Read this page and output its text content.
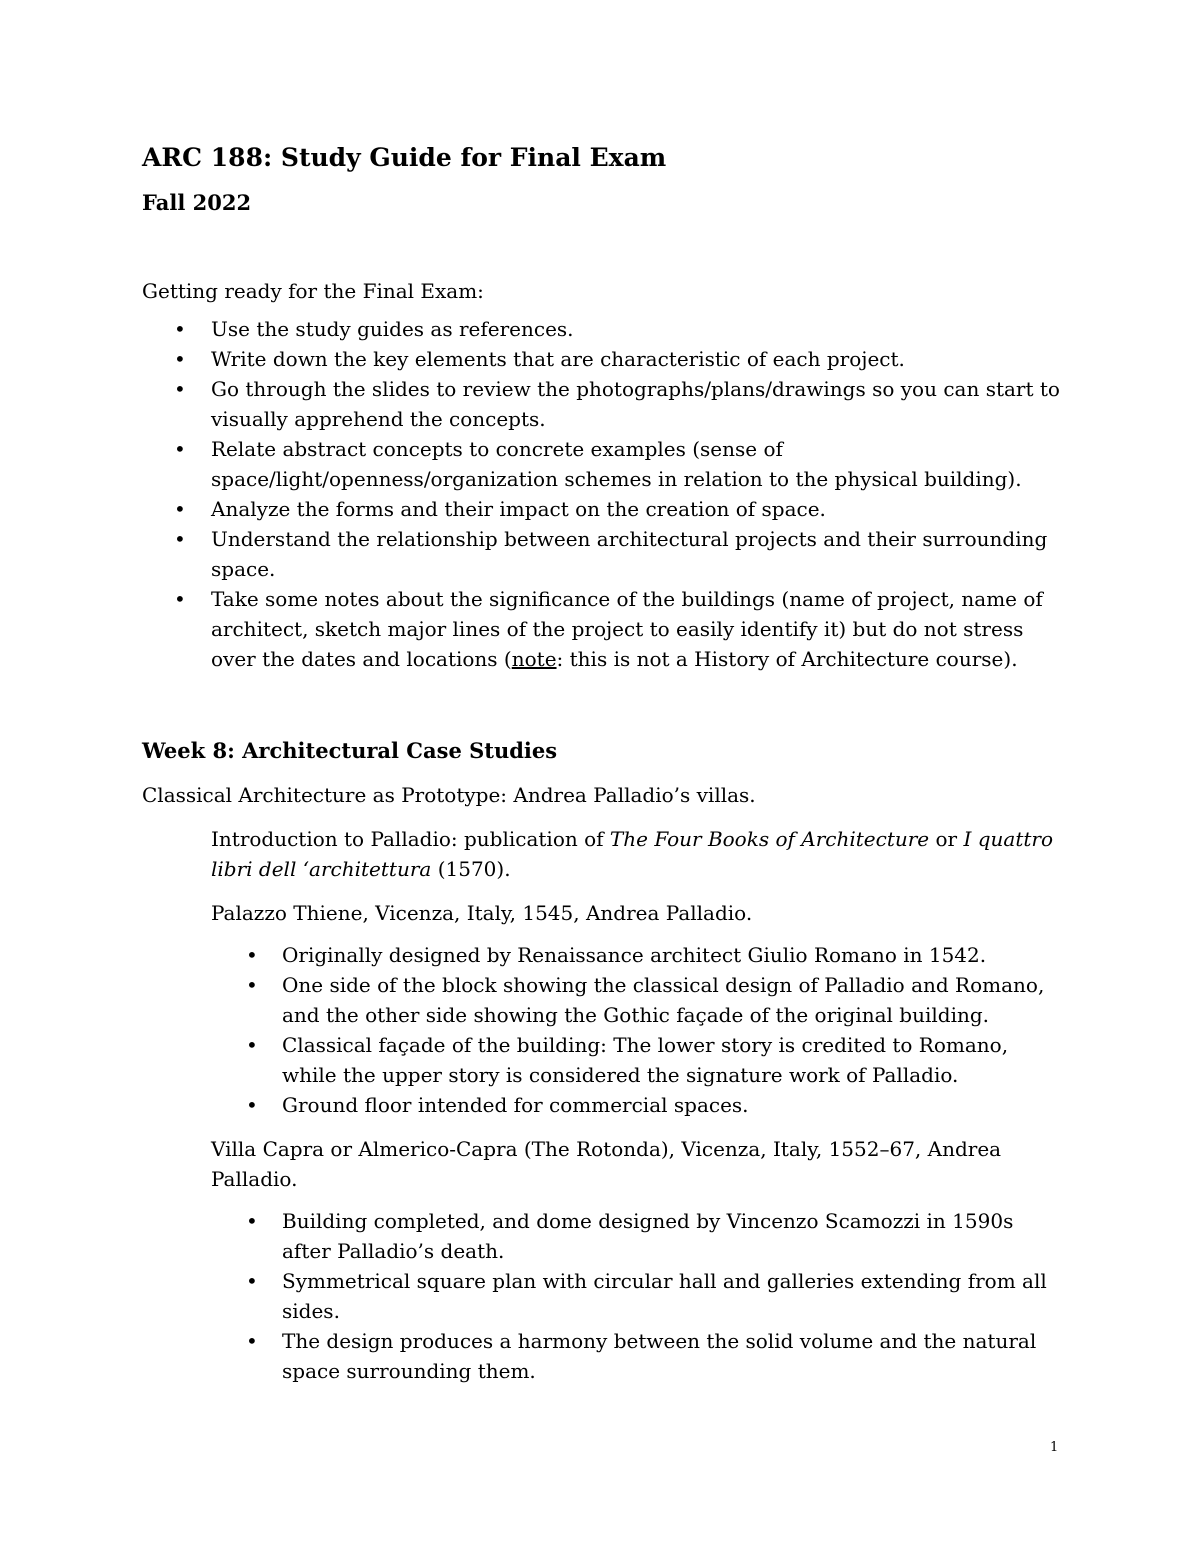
ARC 188: Study Guide for Final Exam
Fall 2022

Getting ready for the Final Exam:

• Use the study guides as references.
• Write down the key elements that are characteristic of each project.
• Go through the slides to review the photographs/plans/drawings so you can start to visually apprehend the concepts.
• Relate abstract concepts to concrete examples (sense of space/light/openness/organization schemes in relation to the physical building).
• Analyze the forms and their impact on the creation of space.
• Understand the relationship between architectural projects and their surrounding space.
• Take some notes about the significance of the buildings (name of project, name of architect, sketch major lines of the project to easily identify it) but do not stress over the dates and locations (note: this is not a History of Architecture course).
Week 8: Architectural Case Studies

Classical Architecture as Prototype: Andrea Palladio’s villas.

Introduction to Palladio: publication of The Four Books of Architecture or I quattro libri dell ‘architettura (1570).

Palazzo Thiene, Vicenza, Italy, 1545, Andrea Palladio.

• Originally designed by Renaissance architect Giulio Romano in 1542.
• One side of the block showing the classical design of Palladio and Romano, and the other side showing the Gothic façade of the original building.
• Classical façade of the building: The lower story is credited to Romano, while the upper story is considered the signature work of Palladio.
• Ground floor intended for commercial spaces.

Villa Capra or Almerico-Capra (The Rotonda), Vicenza, Italy, 1552–67, Andrea Palladio.

• Building completed, and dome designed by Vincenzo Scamozzi in 1590s after Palladio’s death.
• Symmetrical square plan with circular hall and galleries extending from all sides.
• The design produces a harmony between the solid volume and the natural space surrounding them.
1
